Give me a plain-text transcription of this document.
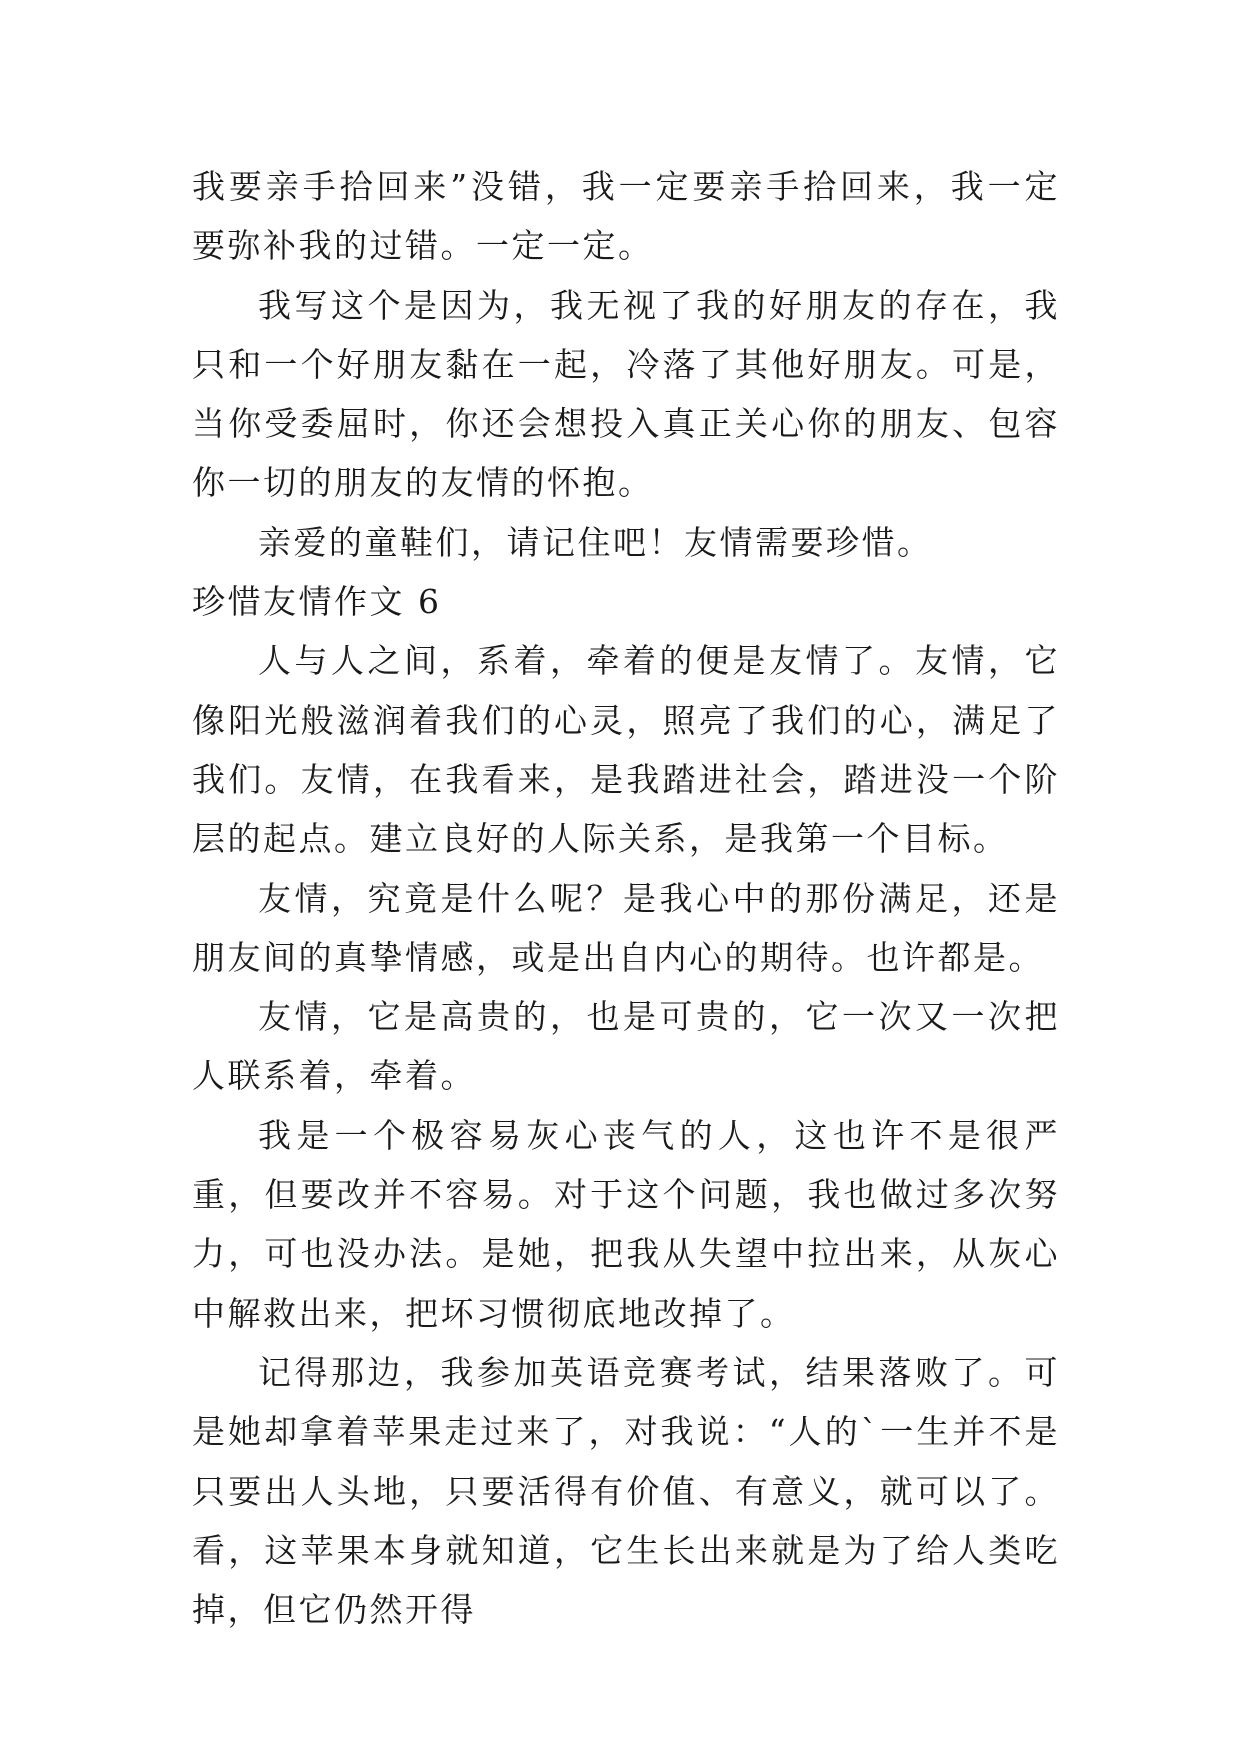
我要亲手拾回来”没错，我一定要亲手拾回来，我一定要弥补我的过错。一定一定。

我写这个是因为，我无视了我的好朋友的存在，我只和一个好朋友黏在一起，冷落了其他好朋友。可是，当你受委屈时，你还会想投入真正关心你的朋友、包容你一切的朋友的友情的怀抱。

亲爱的童鞋们，请记住吧！友情需要珍惜。

珍惜友情作文 6

人与人之间，系着，牵着的便是友情了。友情，它像阳光般滋润着我们的心灵，照亮了我们的心，满足了我们。友情，在我看来，是我踏进社会，踏进没一个阶层的起点。建立良好的人际关系，是我第一个目标。

友情，究竟是什么呢？是我心中的那份满足，还是朋友间的真挚情感，或是出自内心的期待。也许都是。

友情，它是高贵的，也是可贵的，它一次又一次把人联系着，牵着。

我是一个极容易灰心丧气的人，这也许不是很严重，但要改并不容易。对于这个问题，我也做过多次努力，可也没办法。是她，把我从失望中拉出来，从灰心中解救出来，把坏习惯彻底地改掉了。

记得那边，我参加英语竞赛考试，结果落败了。可是她却拿着苹果走过来了，对我说：“人的`一生并不是只要出人头地，只要活得有价值、有意义，就可以了。看，这苹果本身就知道，它生长出来就是为了给人类吃掉，但它仍然开得
